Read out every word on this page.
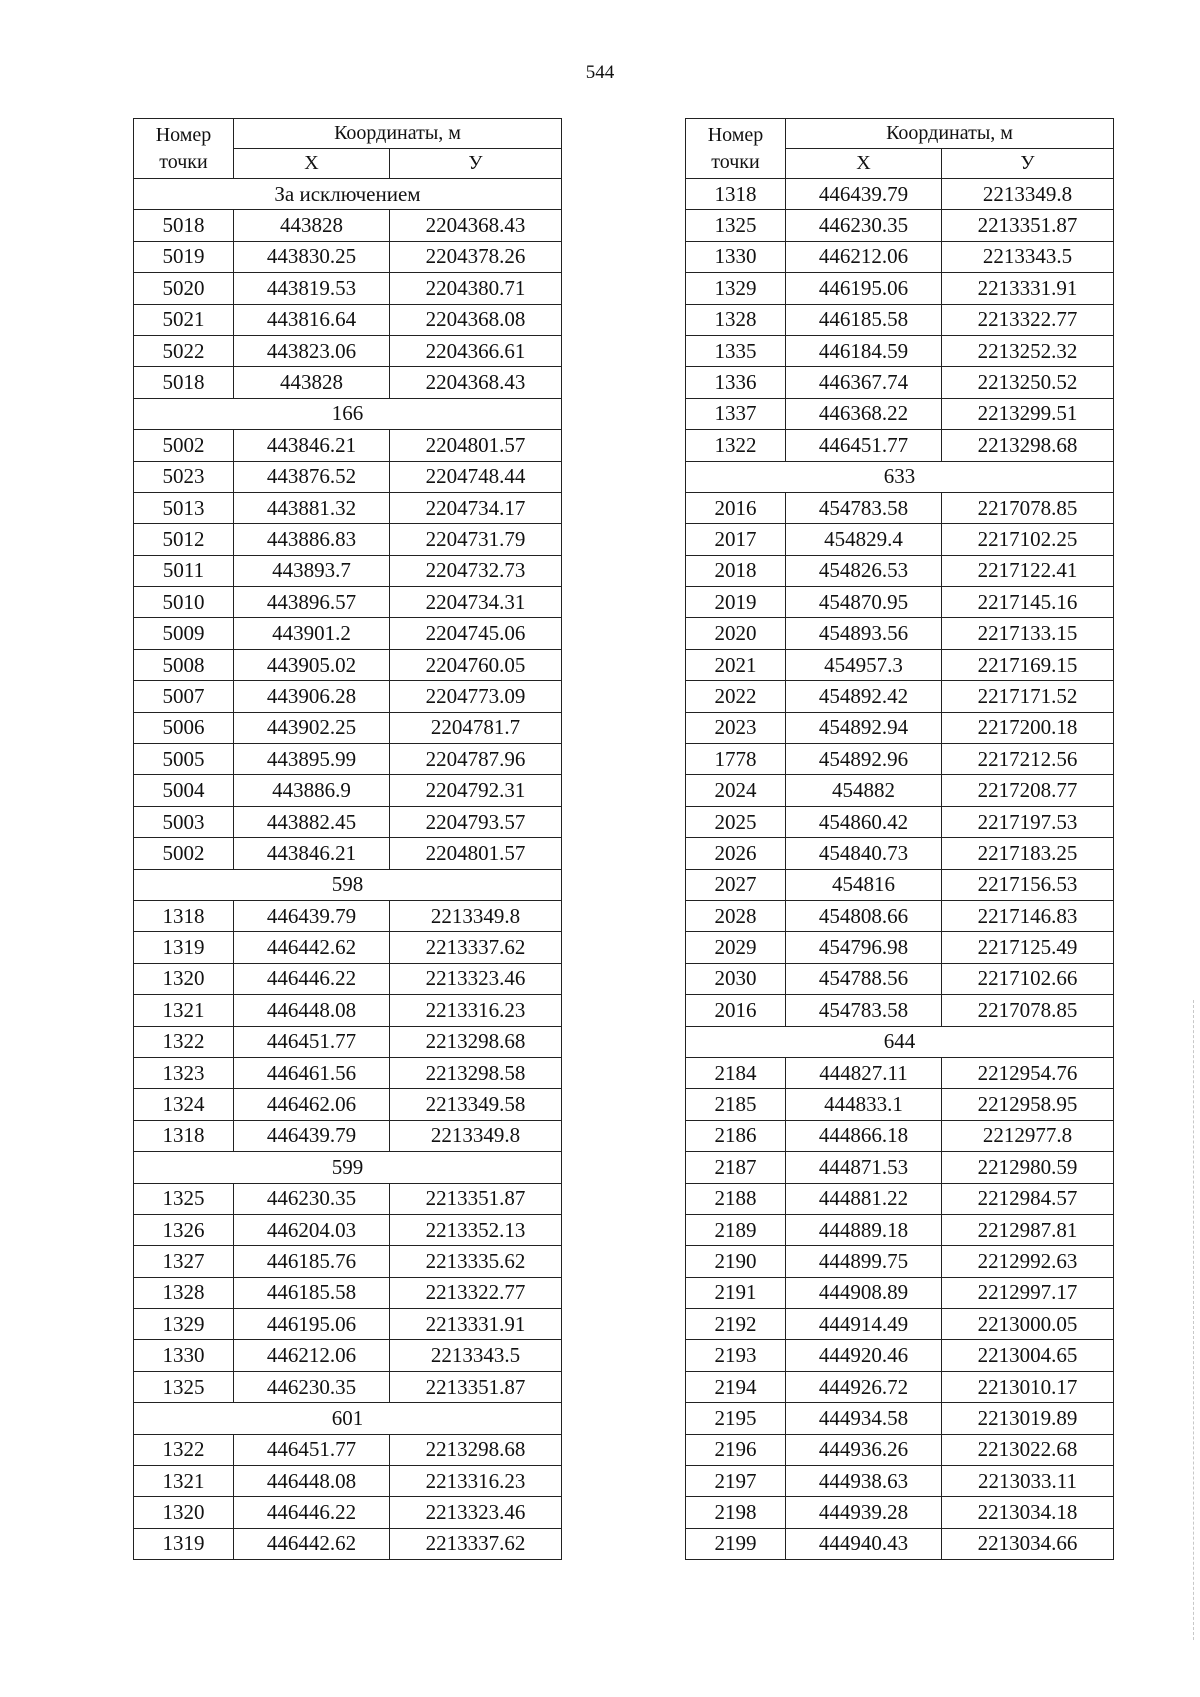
544
Номер точки	Координаты, м	
	X	У
За исключением		
5018	443828	2204368.43
5019	443830.25	2204378.26
5020	443819.53	2204380.71
5021	443816.64	2204368.08
5022	443823.06	2204366.61
5018	443828	2204368.43
166		
5002	443846.21	2204801.57
5023	443876.52	2204748.44
5013	443881.32	2204734.17
5012	443886.83	2204731.79
5011	443893.7	2204732.73
5010	443896.57	2204734.31
5009	443901.2	2204745.06
5008	443905.02	2204760.05
5007	443906.28	2204773.09
5006	443902.25	2204781.7
5005	443895.99	2204787.96
5004	443886.9	2204792.31
5003	443882.45	2204793.57
5002	443846.21	2204801.57
598		
1318	446439.79	2213349.8
1319	446442.62	2213337.62
1320	446446.22	2213323.46
1321	446448.08	2213316.23
1322	446451.77	2213298.68
1323	446461.56	2213298.58
1324	446462.06	2213349.58
1318	446439.79	2213349.8
599		
1325	446230.35	2213351.87
1326	446204.03	2213352.13
1327	446185.76	2213335.62
1328	446185.58	2213322.77
1329	446195.06	2213331.91
1330	446212.06	2213343.5
1325	446230.35	2213351.87
601		
1322	446451.77	2213298.68
1321	446448.08	2213316.23
1320	446446.22	2213323.46
1319	446442.62	2213337.62
Номер точки	Координаты, м	
	X	У
1318	446439.79	2213349.8
1325	446230.35	2213351.87
1330	446212.06	2213343.5
1329	446195.06	2213331.91
1328	446185.58	2213322.77
1335	446184.59	2213252.32
1336	446367.74	2213250.52
1337	446368.22	2213299.51
1322	446451.77	2213298.68
633		
2016	454783.58	2217078.85
2017	454829.4	2217102.25
2018	454826.53	2217122.41
2019	454870.95	2217145.16
2020	454893.56	2217133.15
2021	454957.3	2217169.15
2022	454892.42	2217171.52
2023	454892.94	2217200.18
1778	454892.96	2217212.56
2024	454882	2217208.77
2025	454860.42	2217197.53
2026	454840.73	2217183.25
2027	454816	2217156.53
2028	454808.66	2217146.83
2029	454796.98	2217125.49
2030	454788.56	2217102.66
2016	454783.58	2217078.85
644		
2184	444827.11	2212954.76
2185	444833.1	2212958.95
2186	444866.18	2212977.8
2187	444871.53	2212980.59
2188	444881.22	2212984.57
2189	444889.18	2212987.81
2190	444899.75	2212992.63
2191	444908.89	2212997.17
2192	444914.49	2213000.05
2193	444920.46	2213004.65
2194	444926.72	2213010.17
2195	444934.58	2213019.89
2196	444936.26	2213022.68
2197	444938.63	2213033.11
2198	444939.28	2213034.18
2199	444940.43	2213034.66
